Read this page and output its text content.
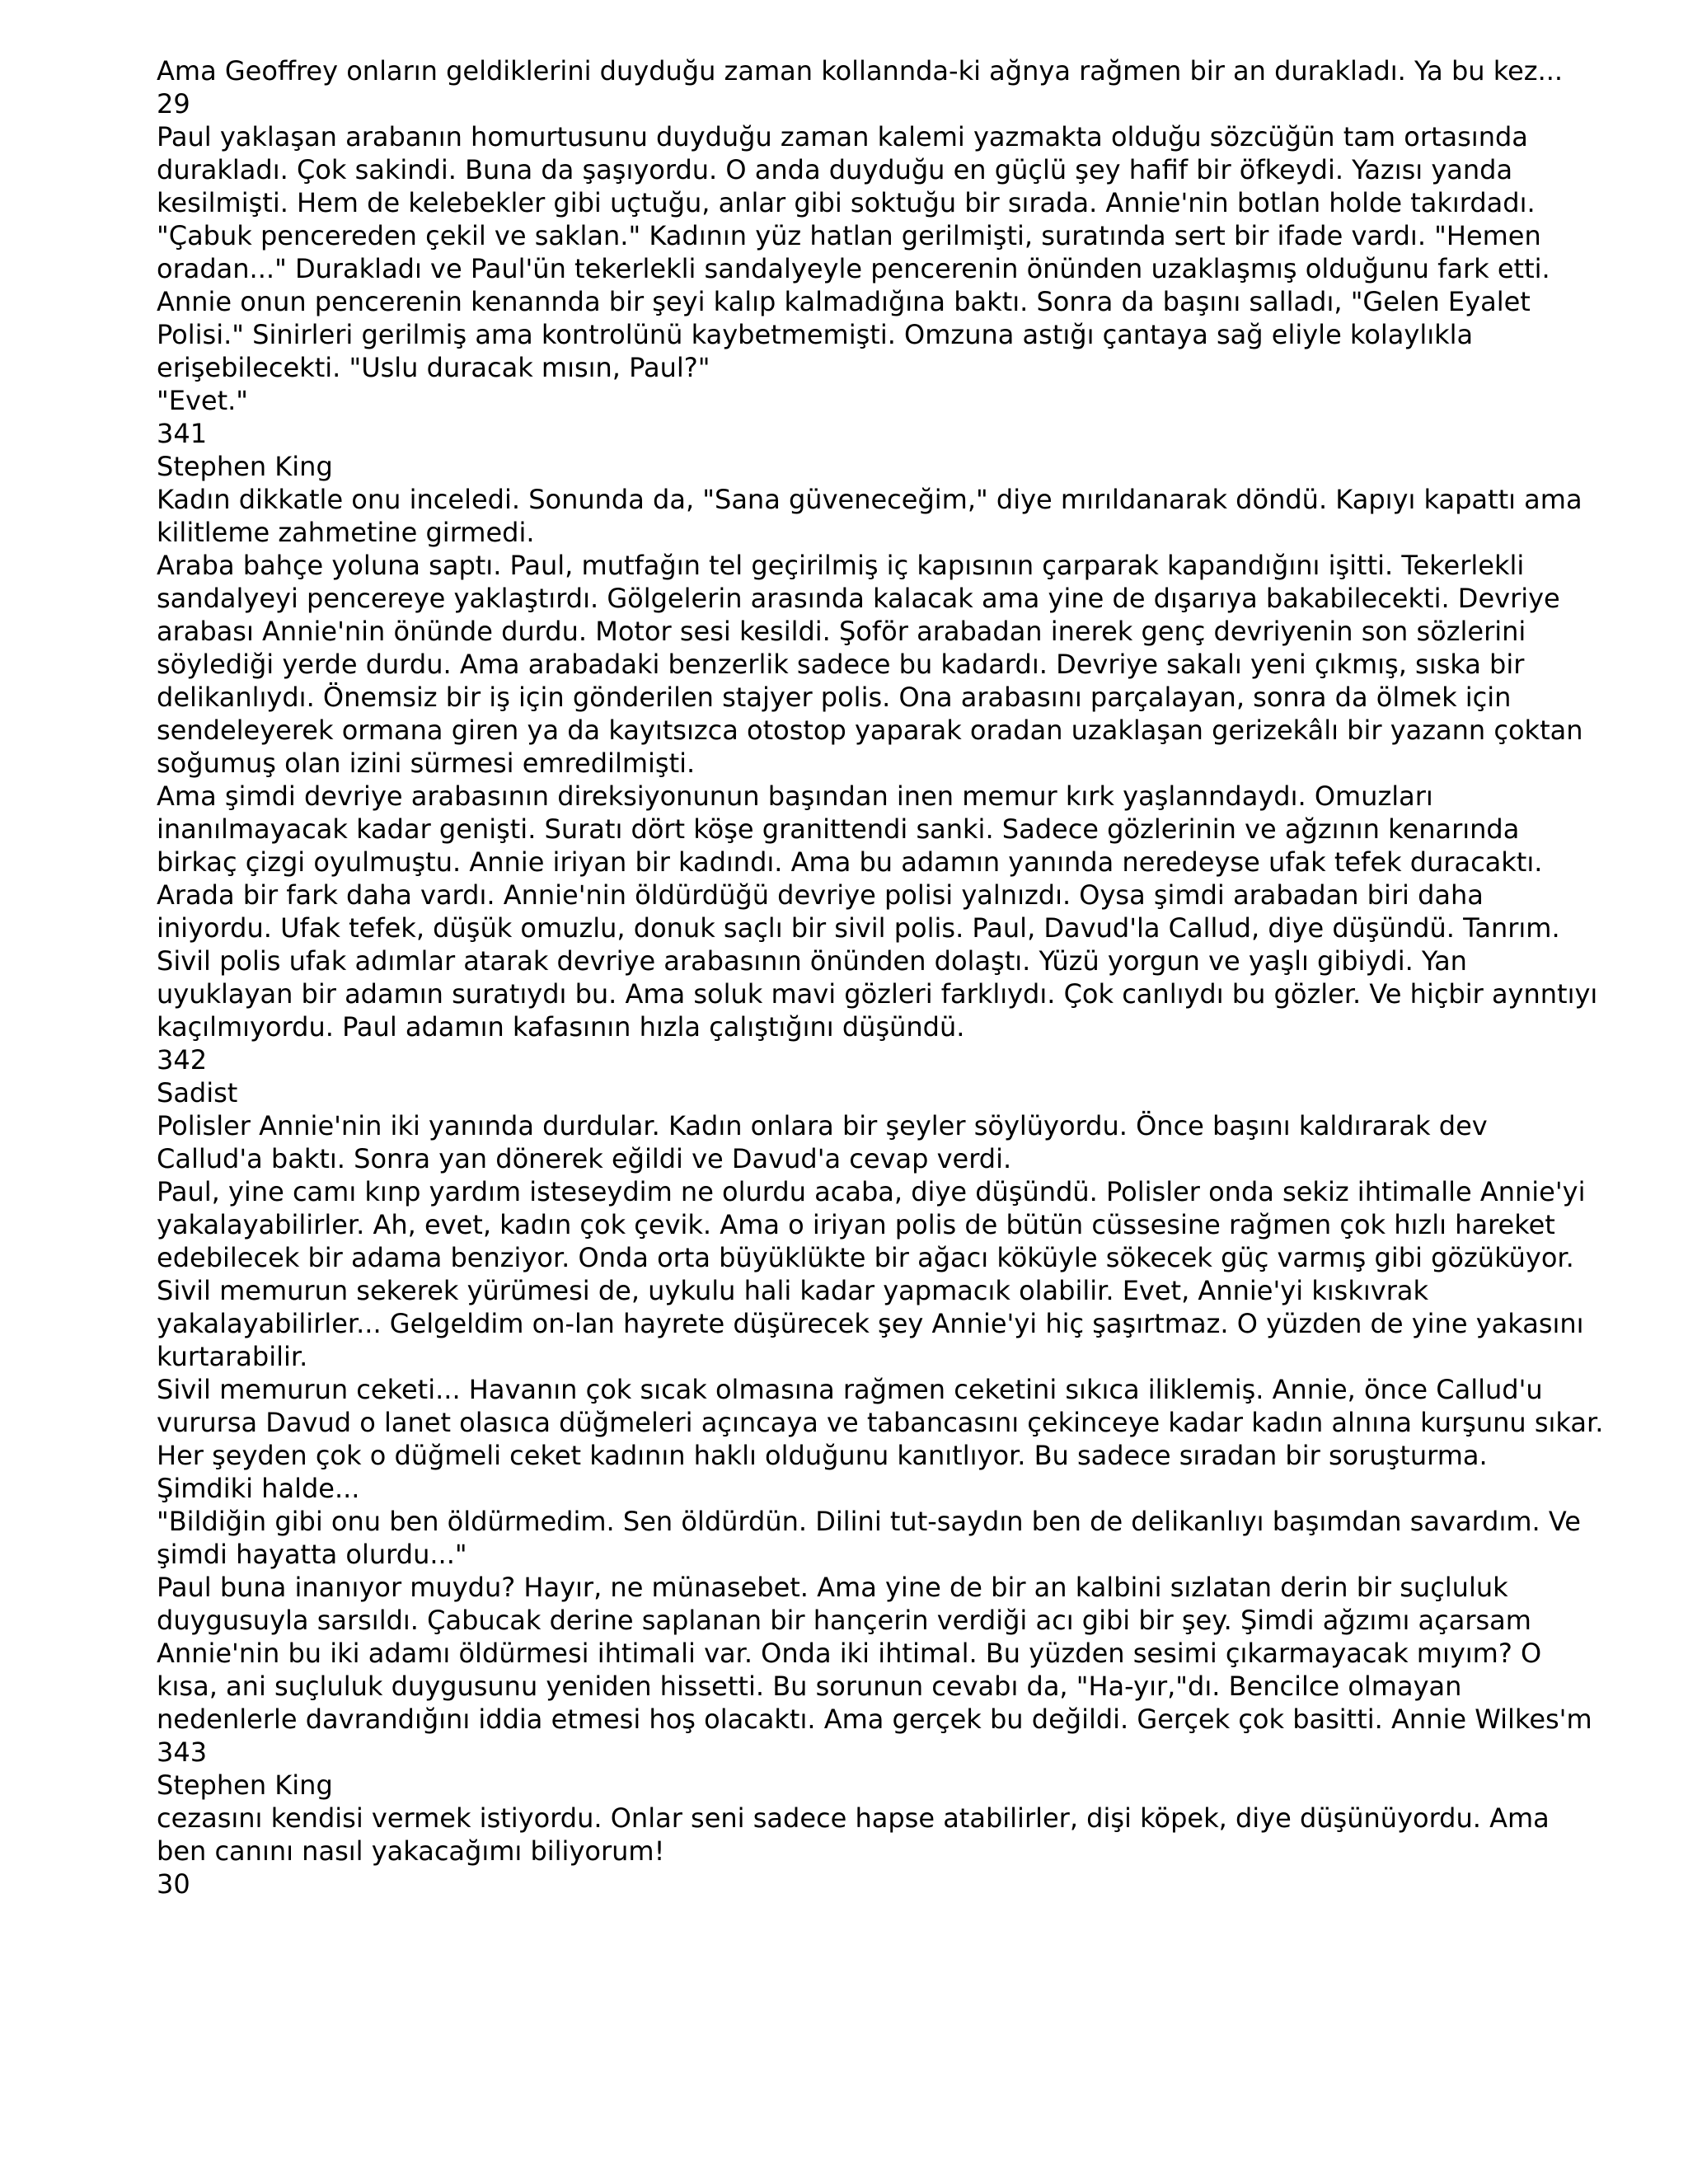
Ama Geoffrey onların geldiklerini duyduğu zaman kollannda-ki ağnya rağmen bir an durakladı. Ya bu kez...
29
Paul yaklaşan arabanın homurtusunu duyduğu zaman kalemi yazmakta olduğu sözcüğün tam ortasında
durakladı. Çok sakindi. Buna da şaşıyordu. O anda duyduğu en güçlü şey hafif bir öfkeydi. Yazısı yanda
kesilmişti. Hem de kelebekler gibi uçtuğu, anlar gibi soktuğu bir sırada. Annie'nin botlan holde takırdadı.
"Çabuk pencereden çekil ve saklan." Kadının yüz hatlan gerilmişti, suratında sert bir ifade vardı. "Hemen
oradan..." Durakladı ve Paul'ün tekerlekli sandalyeyle pencerenin önünden uzaklaşmış olduğunu fark etti.
Annie onun pencerenin kenannda bir şeyi kalıp kalmadığına baktı. Sonra da başını salladı, "Gelen Eyalet
Polisi." Sinirleri gerilmiş ama kontrolünü kaybetmemişti. Omzuna astığı çantaya sağ eliyle kolaylıkla
erişebilecekti. "Uslu duracak mısın, Paul?"
"Evet."
341
Stephen King
Kadın dikkatle onu inceledi. Sonunda da, "Sana güveneceğim," diye mırıldanarak döndü. Kapıyı kapattı ama
kilitleme zahmetine girmedi.
Araba bahçe yoluna saptı. Paul, mutfağın tel geçirilmiş iç kapısının çarparak kapandığını işitti. Tekerlekli
sandalyeyi pencereye yaklaştırdı. Gölgelerin arasında kalacak ama yine de dışarıya bakabilecekti. Devriye
arabası Annie'nin önünde durdu. Motor sesi kesildi. Şoför arabadan inerek genç devriyenin son sözlerini
söylediği yerde durdu. Ama arabadaki benzerlik sadece bu kadardı. Devriye sakalı yeni çıkmış, sıska bir
delikanlıydı. Önemsiz bir iş için gönderilen stajyer polis. Ona arabasını parçalayan, sonra da ölmek için
sendeleyerek ormana giren ya da kayıtsızca otostop yaparak oradan uzaklaşan gerizekâlı bir yazann çoktan
soğumuş olan izini sürmesi emredilmişti.
Ama şimdi devriye arabasının direksiyonunun başından inen memur kırk yaşlanndaydı. Omuzları
inanılmayacak kadar genişti. Suratı dört köşe granittendi sanki. Sadece gözlerinin ve ağzının kenarında
birkaç çizgi oyulmuştu. Annie iriyan bir kadındı. Ama bu adamın yanında neredeyse ufak tefek duracaktı.
Arada bir fark daha vardı. Annie'nin öldürdüğü devriye polisi yalnızdı. Oysa şimdi arabadan biri daha
iniyordu. Ufak tefek, düşük omuzlu, donuk saçlı bir sivil polis. Paul, Davud'la Callud, diye düşündü. Tanrım.
Sivil polis ufak adımlar atarak devriye arabasının önünden dolaştı. Yüzü yorgun ve yaşlı gibiydi. Yan
uyuklayan bir adamın suratıydı bu. Ama soluk mavi gözleri farklıydı. Çok canlıydı bu gözler. Ve hiçbir aynntıyı
kaçılmıyordu. Paul adamın kafasının hızla çalıştığını düşündü.
342
Sadist
Polisler Annie'nin iki yanında durdular. Kadın onlara bir şeyler söylüyordu. Önce başını kaldırarak dev
Callud'a baktı. Sonra yan dönerek eğildi ve Davud'a cevap verdi.
Paul, yine camı kınp yardım isteseydim ne olurdu acaba, diye düşündü. Polisler onda sekiz ihtimalle Annie'yi
yakalayabilirler. Ah, evet, kadın çok çevik. Ama o iriyan polis de bütün cüssesine rağmen çok hızlı hareket
edebilecek bir adama benziyor. Onda orta büyüklükte bir ağacı köküyle sökecek güç varmış gibi gözüküyor.
Sivil memurun sekerek yürümesi de, uykulu hali kadar yapmacık olabilir. Evet, Annie'yi kıskıvrak
yakalayabilirler... Gelgeldim on-lan hayrete düşürecek şey Annie'yi hiç şaşırtmaz. O yüzden de yine yakasını
kurtarabilir.
Sivil memurun ceketi... Havanın çok sıcak olmasına rağmen ceketini sıkıca iliklemiş. Annie, önce Callud'u
vurursa Davud o lanet olasıca düğmeleri açıncaya ve tabancasını çekinceye kadar kadın alnına kurşunu sıkar.
Her şeyden çok o düğmeli ceket kadının haklı olduğunu kanıtlıyor. Bu sadece sıradan bir soruşturma.
Şimdiki halde...
"Bildiğin gibi onu ben öldürmedim. Sen öldürdün. Dilini tut-saydın ben de delikanlıyı başımdan savardım. Ve
şimdi hayatta olurdu..."
Paul buna inanıyor muydu? Hayır, ne münasebet. Ama yine de bir an kalbini sızlatan derin bir suçluluk
duygusuyla sarsıldı. Çabucak derine saplanan bir hançerin verdiği acı gibi bir şey. Şimdi ağzımı açarsam
Annie'nin bu iki adamı öldürmesi ihtimali var. Onda iki ihtimal. Bu yüzden sesimi çıkarmayacak mıyım? O
kısa, ani suçluluk duygusunu yeniden hissetti. Bu sorunun cevabı da, "Ha-yır,"dı. Bencilce olmayan
nedenlerle davrandığını iddia etmesi hoş olacaktı. Ama gerçek bu değildi. Gerçek çok basitti. Annie Wilkes'm
343
Stephen King
cezasını kendisi vermek istiyordu. Onlar seni sadece hapse atabilirler, dişi köpek, diye düşünüyordu. Ama
ben canını nasıl yakacağımı biliyorum!
30
